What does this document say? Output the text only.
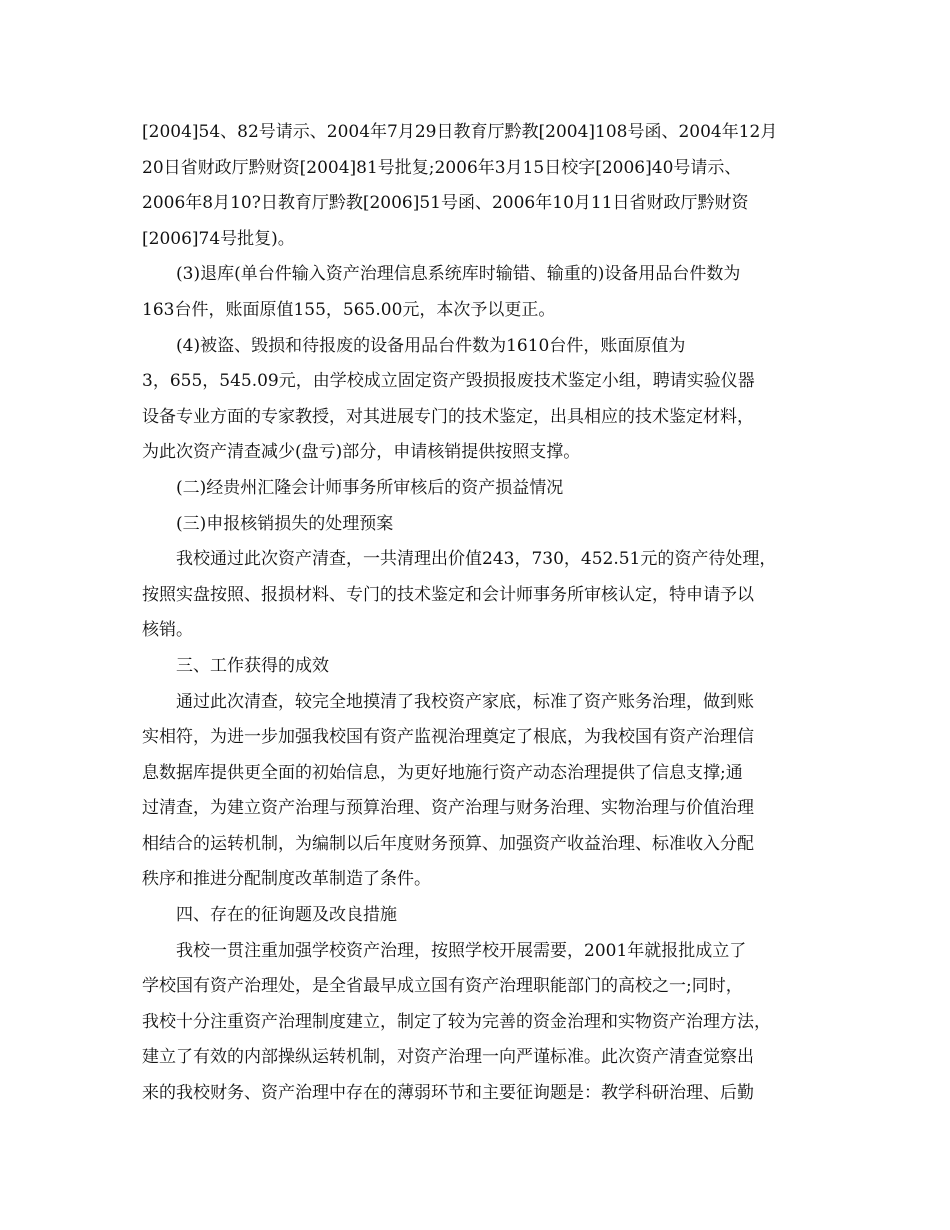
[2004]54、82号请示、2004年7月29日教育厅黔教[2004]108号函、2004年12月
20日省财政厅黔财资[2004]81号批复;2006年3月15日校字[2006]40号请示、
2006年8月10?日教育厅黔教[2006]51号函、2006年10月11日省财政厅黔财资
[2006]74号批复)。
(3)退库(单台件输入资产治理信息系统库时输错、输重的)设备用品台件数为
163台件，账面原值155，565.00元，本次予以更正。
(4)被盗、毁损和待报废的设备用品台件数为1610台件，账面原值为
3，655，545.09元，由学校成立固定资产毁损报废技术鉴定小组，聘请实验仪器
设备专业方面的专家教授，对其进展专门的技术鉴定，出具相应的技术鉴定材料，
为此次资产清查减少(盘亏)部分，申请核销提供按照支撑。
(二)经贵州汇隆会计师事务所审核后的资产损益情况
(三)申报核销损失的处理预案
我校通过此次资产清查，一共清理出价值243，730，452.51元的资产待处理，
按照实盘按照、报损材料、专门的技术鉴定和会计师事务所审核认定，特申请予以
核销。
三、工作获得的成效
通过此次清查，较完全地摸清了我校资产家底，标准了资产账务治理，做到账
实相符，为进一步加强我校国有资产监视治理奠定了根底，为我校国有资产治理信
息数据库提供更全面的初始信息，为更好地施行资产动态治理提供了信息支撑;通
过清查，为建立资产治理与预算治理、资产治理与财务治理、实物治理与价值治理
相结合的运转机制，为编制以后年度财务预算、加强资产收益治理、标准收入分配
秩序和推进分配制度改革制造了条件。
四、存在的征询题及改良措施
我校一贯注重加强学校资产治理，按照学校开展需要，2001年就报批成立了
学校国有资产治理处，是全省最早成立国有资产治理职能部门的高校之一;同时，
我校十分注重资产治理制度建立，制定了较为完善的资金治理和实物资产治理方法，
建立了有效的内部操纵运转机制，对资产治理一向严谨标准。此次资产清查觉察出
来的我校财务、资产治理中存在的薄弱环节和主要征询题是：教学科研治理、后勤
